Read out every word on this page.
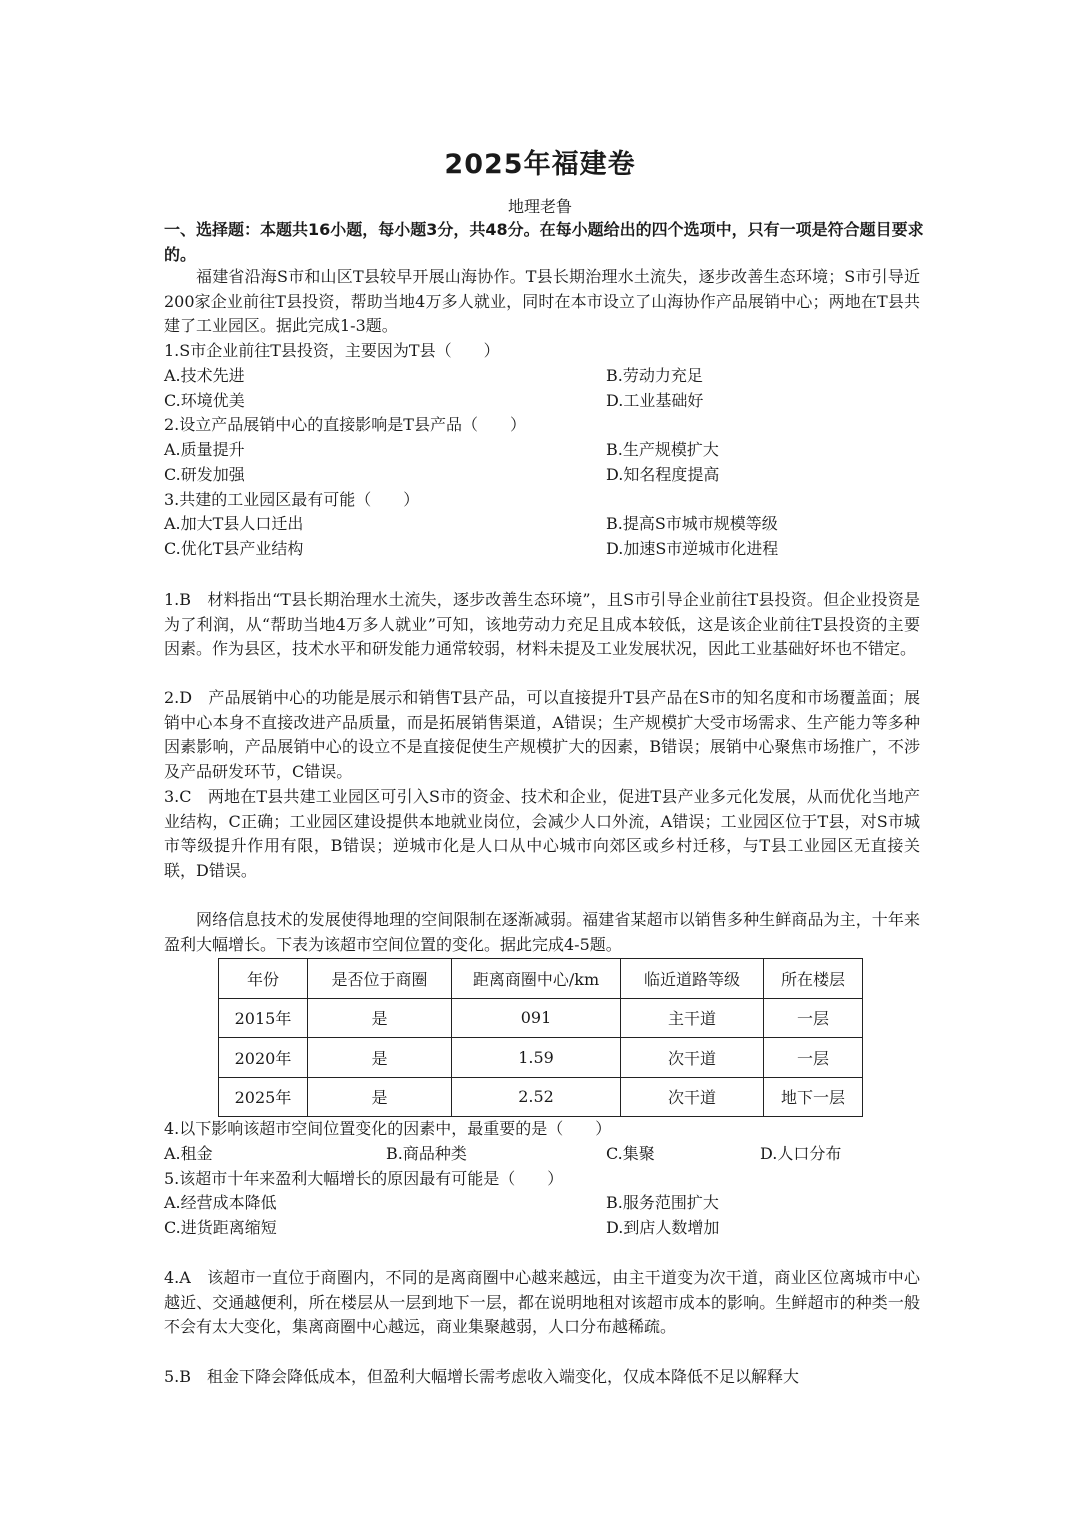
2025年福建卷
地理老鲁
一、选择题：本题共16小题，每小题3分，共48分。在每小题给出的四个选项中，只有一项是符合题目要求的。
福建省沿海S市和山区T县较早开展山海协作。T县长期治理水土流失，逐步改善生态环境；S市引导近200家企业前往T县投资，帮助当地4万多人就业，同时在本市设立了山海协作产品展销中心；两地在T县共建了工业园区。据此完成1-3题。
1.S市企业前往T县投资，主要因为T县（　　）
A.技术先进	B.劳动力充足
C.环境优美	D.工业基础好
2.设立产品展销中心的直接影响是T县产品（　　）
A.质量提升	B.生产规模扩大
C.研发加强	D.知名程度提高
3.共建的工业园区最有可能（　　）
A.加大T县人口迁出	B.提高S市城市规模等级
C.优化T县产业结构	D.加速S市逆城市化进程
1.B　材料指出“T县长期治理水土流失，逐步改善生态环境”，且S市引导企业前往T县投资。但企业投资是为了利润，从“帮助当地4万多人就业”可知，该地劳动力充足且成本较低，这是该企业前往T县投资的主要因素。作为县区，技术水平和研发能力通常较弱，材料未提及工业发展状况，因此工业基础好坏也不错定。
2.D　产品展销中心的功能是展示和销售T县产品，可以直接提升T县产品在S市的知名度和市场覆盖面；展销中心本身不直接改进产品质量，而是拓展销售渠道，A错误；生产规模扩大受市场需求、生产能力等多种因素影响，产品展销中心的设立不是直接促使生产规模扩大的因素，B错误；展销中心聚焦市场推广，不涉及产品研发环节，C错误。
3.C　两地在T县共建工业园区可引入S市的资金、技术和企业，促进T县产业多元化发展，从而优化当地产业结构，C正确；工业园区建设提供本地就业岗位，会减少人口外流，A错误；工业园区位于T县，对S市城市等级提升作用有限，B错误；逆城市化是人口从中心城市向郊区或乡村迁移，与T县工业园区无直接关联，D错误。
网络信息技术的发展使得地理的空间限制在逐渐减弱。福建省某超市以销售多种生鲜商品为主，十年来盈利大幅增长。下表为该超市空间位置的变化。据此完成4-5题。
年份	是否位于商圈	距离商圈中心/km	临近道路等级	所在楼层
2015年	是	091	主干道	一层
2020年	是	1.59	次干道	一层
2025年	是	2.52	次干道	地下一层
4.以下影响该超市空间位置变化的因素中，最重要的是（　　）
A.租金	B.商品种类	C.集聚	D.人口分布
5.该超市十年来盈利大幅增长的原因最有可能是（　　）
A.经营成本降低	B.服务范围扩大
C.进货距离缩短	D.到店人数增加
4.A　该超市一直位于商圈内，不同的是离商圈中心越来越远，由主干道变为次干道，商业区位离城市中心越近、交通越便利，所在楼层从一层到地下一层，都在说明地租对该超市成本的影响。生鲜超市的种类一般不会有太大变化，集离商圈中心越远，商业集聚越弱，人口分布越稀疏。
5.B　租金下降会降低成本，但盈利大幅增长需考虑收入端变化，仅成本降低不足以解释大
